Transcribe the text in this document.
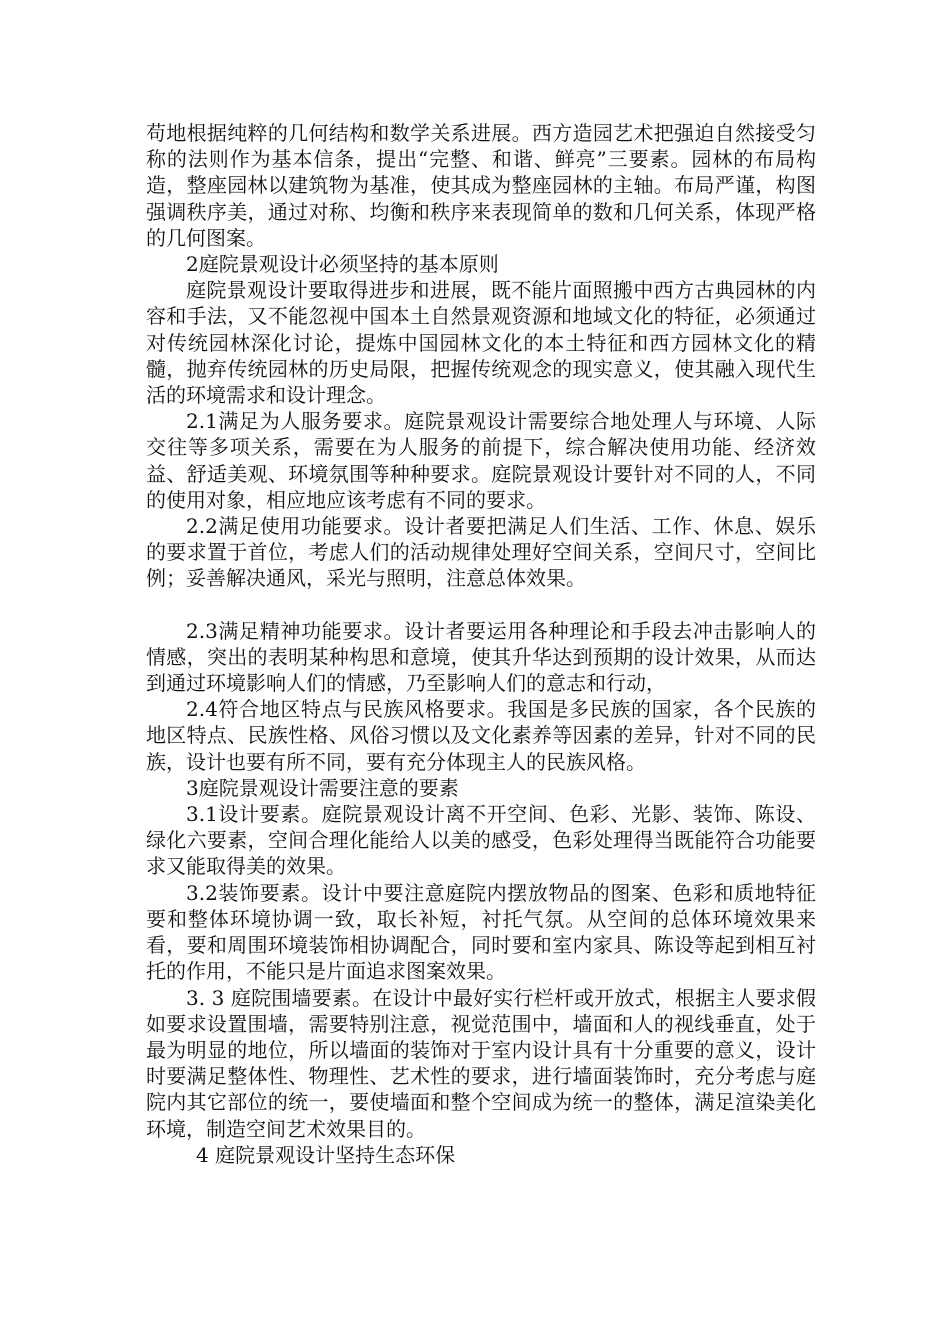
苟地根据纯粹的几何结构和数学关系进展。西方造园艺术把强迫自然接受匀称的法则作为基本信条，提出“完整、和谐、鲜亮”三要素。园林的布局构造，整座园林以建筑物为基准，使其成为整座园林的主轴。布局严谨，构图强调秩序美，通过对称、均衡和秩序来表现简单的数和几何关系，体现严格的几何图案。

2庭院景观设计必须坚持的基本原则

庭院景观设计要取得进步和进展，既不能片面照搬中西方古典园林的内容和手法，又不能忽视中国本土自然景观资源和地域文化的特征，必须通过对传统园林深化讨论，提炼中国园林文化的本土特征和西方园林文化的精髓，抛弃传统园林的历史局限，把握传统观念的现实意义，使其融入现代生活的环境需求和设计理念。

2.1满足为人服务要求。庭院景观设计需要综合地处理人与环境、人际交往等多项关系，需要在为人服务的前提下，综合解决使用功能、经济效益、舒适美观、环境氛围等种种要求。庭院景观设计要针对不同的人，不同的使用对象，相应地应该考虑有不同的要求。

2.2满足使用功能要求。设计者要把满足人们生活、工作、休息、娱乐的要求置于首位，考虑人们的活动规律处理好空间关系，空间尺寸，空间比例；妥善解决通风，采光与照明，注意总体效果。

2.3满足精神功能要求。设计者要运用各种理论和手段去冲击影响人的情感，突出的表明某种构思和意境，使其升华达到预期的设计效果，从而达到通过环境影响人们的情感，乃至影响人们的意志和行动，

2.4符合地区特点与民族风格要求。我国是多民族的国家，各个民族的地区特点、民族性格、风俗习惯以及文化素养等因素的差异，针对不同的民族，设计也要有所不同，要有充分体现主人的民族风格。

3庭院景观设计需要注意的要素

3.1设计要素。庭院景观设计离不开空间、色彩、光影、装饰、陈设、绿化六要素，空间合理化能给人以美的感受，色彩处理得当既能符合功能要求又能取得美的效果。

3.2装饰要素。设计中要注意庭院内摆放物品的图案、色彩和质地特征要和整体环境协调一致，取长补短，衬托气氛。从空间的总体环境效果来看，要和周围环境装饰相协调配合，同时要和室内家具、陈设等起到相互衬托的作用，不能只是片面追求图案效果。

3. 3 庭院围墙要素。在设计中最好实行栏杆或开放式，根据主人要求假如要求设置围墙，需要特别注意，视觉范围中，墙面和人的视线垂直，处于最为明显的地位，所以墙面的装饰对于室内设计具有十分重要的意义，设计时要满足整体性、物理性、艺术性的要求，进行墙面装饰时，充分考虑与庭院内其它部位的统一，要使墙面和整个空间成为统一的整体，满足渲染美化环境，制造空间艺术效果目的。

4 庭院景观设计坚持生态环保
